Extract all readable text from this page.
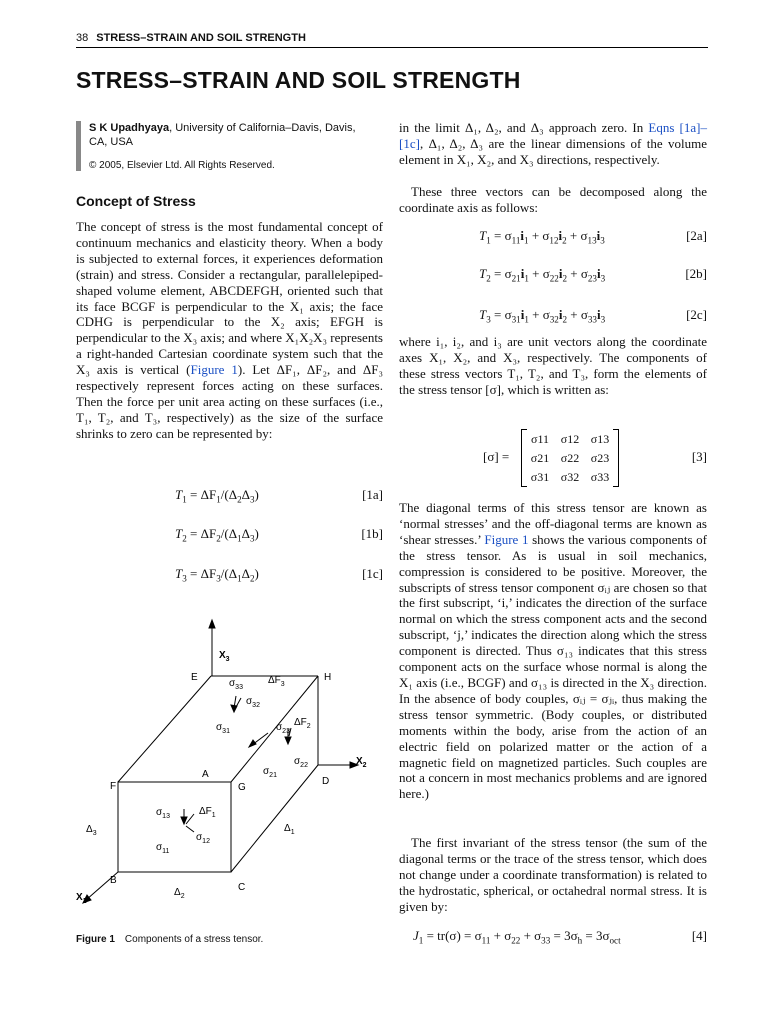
38 STRESS–STRAIN AND SOIL STRENGTH
STRESS–STRAIN AND SOIL STRENGTH

S K Upadhyaya, University of California–Davis, Davis,

CA, USA

© 2005, Elsevier Ltd. All Rights Reserved.

Concept of Stress

The concept of stress is the most fundamental concept of continuum mechanics and elasticity theory. When a body is subjected to external forces, it experiences deformation (strain) and stress. Consider a rectangular, parallelepiped-shaped volume element, ABCDEFGH, oriented such that its face BCGF is perpendicular to the X₁ axis; the face CDHG is perpendicular to the X₂ axis; EFGH is perpendicular to the X₃ axis; and where X₁X₂X₃ represents a right-handed Cartesian coordinate system such that the X₃ axis is vertical (Figure 1). Let ΔF₁, ΔF₂, and ΔF₃ respectively represent forces acting on these surfaces. Then the force per unit area acting on these surfaces (i.e., T₁, T₂, and T₃, respectively) as the size of the surface shrinks to zero can be represented by:

$T_1 = \Delta F_1/(\Delta_2\Delta_3)$	[1a]
$T_2 = \Delta F_2/(\Delta_1\Delta_3)$	[1b]
$T_3 = \Delta F_3/(\Delta_1\Delta_2)$	[1c]
$X_3$
$X_2$
$X_1$
E	H
A
F	G
D
B
C
$\Delta_1$
$\Delta_2$
$\Delta_3$
$\sigma_{33}$
$\Delta F_3$
$\sigma_{32}$
$\sigma_{31}$	$\sigma_{23}$
$\Delta F_2$
$\sigma_{22}$
$\sigma_{21}$
$\sigma_{13}$	$\Delta F_1$
$\sigma_{12}$
$\sigma_{11}$
Figure 1 Components of a stress tensor.

in the limit Δ₁, Δ₂, and Δ₃ approach zero. In Eqns [1a]–[1c], Δ₁, Δ₂, Δ₃ are the linear dimensions of the volume element in X₁, X₂, and X₃ directions, respectively.

These three vectors can be decomposed along the coordinate axis as follows:

$T_1 = \sigma_{11}i_1 + \sigma_{12}i_2 + \sigma_{13}i_3$	[2a]
$T_2 = \sigma_{21}i_1 + \sigma_{22}i_2 + \sigma_{23}i_3$	[2b]
$T_3 = \sigma_{31}i_1 + \sigma_{32}i_2 + \sigma_{33}i_3$	[2c]

where i₁, i₂, and i₃ are unit vectors along the coordinate axes X₁, X₂, and X₃, respectively. The components of these stress vectors T₁, T₂, and T₃, form the elements of the stress tensor [σ], which is written as:

[σ] =
σ11 σ12 σ13
σ21 σ22 σ23
σ31 σ32 σ33
[3]

The diagonal terms of this stress tensor are known as ‘normal stresses’ and the off-diagonal terms are known as ‘shear stresses.’ Figure 1 shows the various components of the stress tensor. As is usual in soil mechanics, compression is considered to be positive. Moreover, the subscripts of stress tensor component σᵢⱼ are chosen so that the first subscript, ‘i,’ indicates the direction of the surface normal on which the stress component acts and the second subscript, ‘j,’ indicates the direction along which the stress component is directed. Thus σ₁₃ indicates that this stress component acts on the surface whose normal is along the X₁ axis (i.e., BCGF) and σ₁₃ is directed in the X₃ direction. In the absence of body couples, σᵢⱼ = σⱼᵢ, thus making the stress tensor symmetric. (Body couples, or distributed moments within the body, arise from the action of an electric field on polarized matter or the action of a magnetic field on magnetized particles. Such couples are not a concern in most mechanics problems and are ignored here.)

The first invariant of the stress tensor (the sum of the diagonal terms or the trace of the stress tensor, which does not change under a coordinate transformation) is related to the hydrostatic, spherical, or octahedral normal stress. It is given by:

$J_1 = tr(\sigma) = \sigma_{11} + \sigma_{22} + \sigma_{33} = 3\sigma_h = 3\sigma_{oct}$	[4]
